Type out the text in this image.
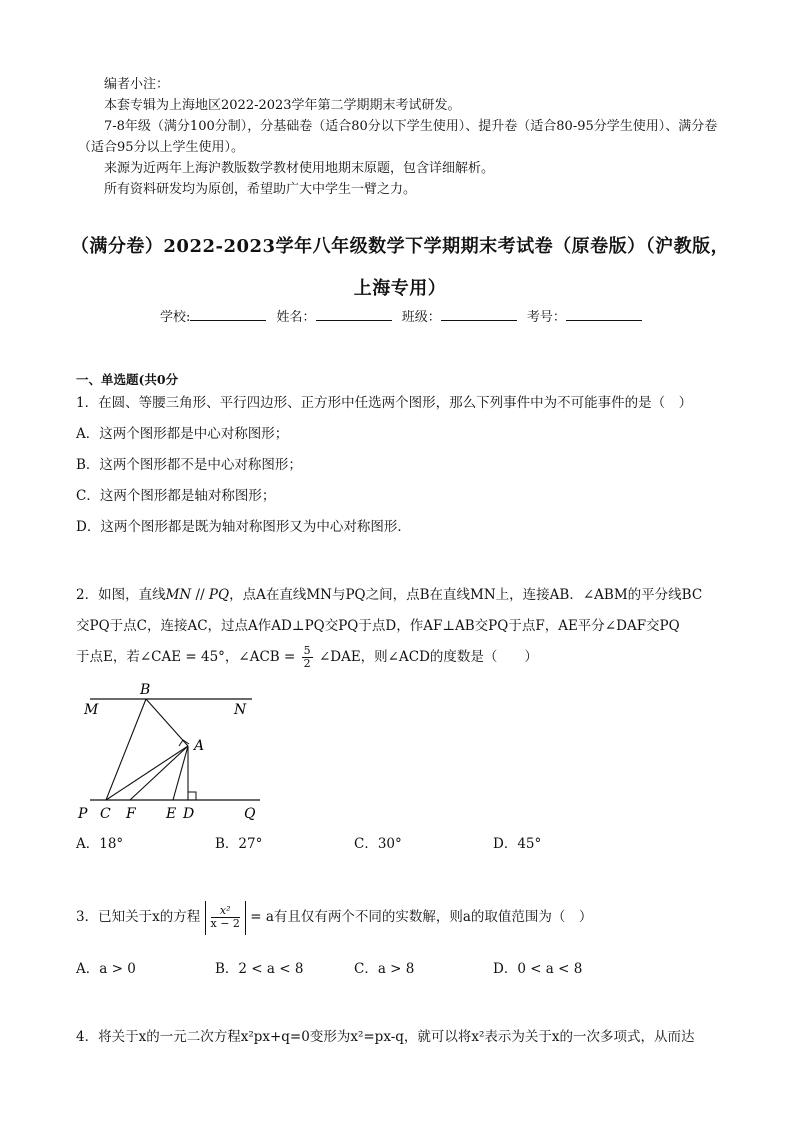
编者小注：

本套专辑为上海地区2022-2023学年第二学期期末考试研发。

7-8年级（满分100分制），分基础卷（适合80分以下学生使用）、提升卷（适合80-95分学生使用）、满分卷（适合95分以上学生使用）。

来源为近两年上海沪教版数学教材使用地期末原题，包含详细解析。

所有资料研发均为原创，希望助广大中学生一臂之力。

（满分卷）2022-2023学年八年级数学下学期期末考试卷（原卷版）（沪教版，上海专用）
学校:	姓名：	班级：	考号：
一、单选题(共0分

1．在圆、等腰三角形、平行四边形、正方形中任选两个图形，那么下列事件中为不可能事件的是（　）

A．这两个图形都是中心对称图形；

B．这两个图形都不是中心对称图形；

C．这两个图形都是轴对称图形；

D．这两个图形都是既为轴对称图形又为中心对称图形．

2．如图，直线MN // PQ，点A在直线MN与PQ之间，点B在直线MN上，连接AB．∠ABM的平分线BC

交PQ于点C，连接AC，过点A作AD⊥PQ交PQ于点D，作AF⊥AB交PQ于点F，AE平分∠DAF交PQ

于点E，若∠CAE = 45°，∠ACB = $\frac{5}{2}$ ∠DAE，则∠ACD的度数是（　　）

B
M	N
A
P C F E D	Q
A．18°	B．27°	C．30°	D．45°
3．已知关于x的方程 $\frac{\text{x²}}{x - 2} = a$有且仅有两个不同的实数解，则a的取值范围为（　）
A．a > 0	B．2 < a < 8	C．a > 8	D．0 < a < 8

4．将关于x的一元二次方程x²px+q=0变形为x²=px-q，就可以将x²表示为关于x的一次多项式，从而达
